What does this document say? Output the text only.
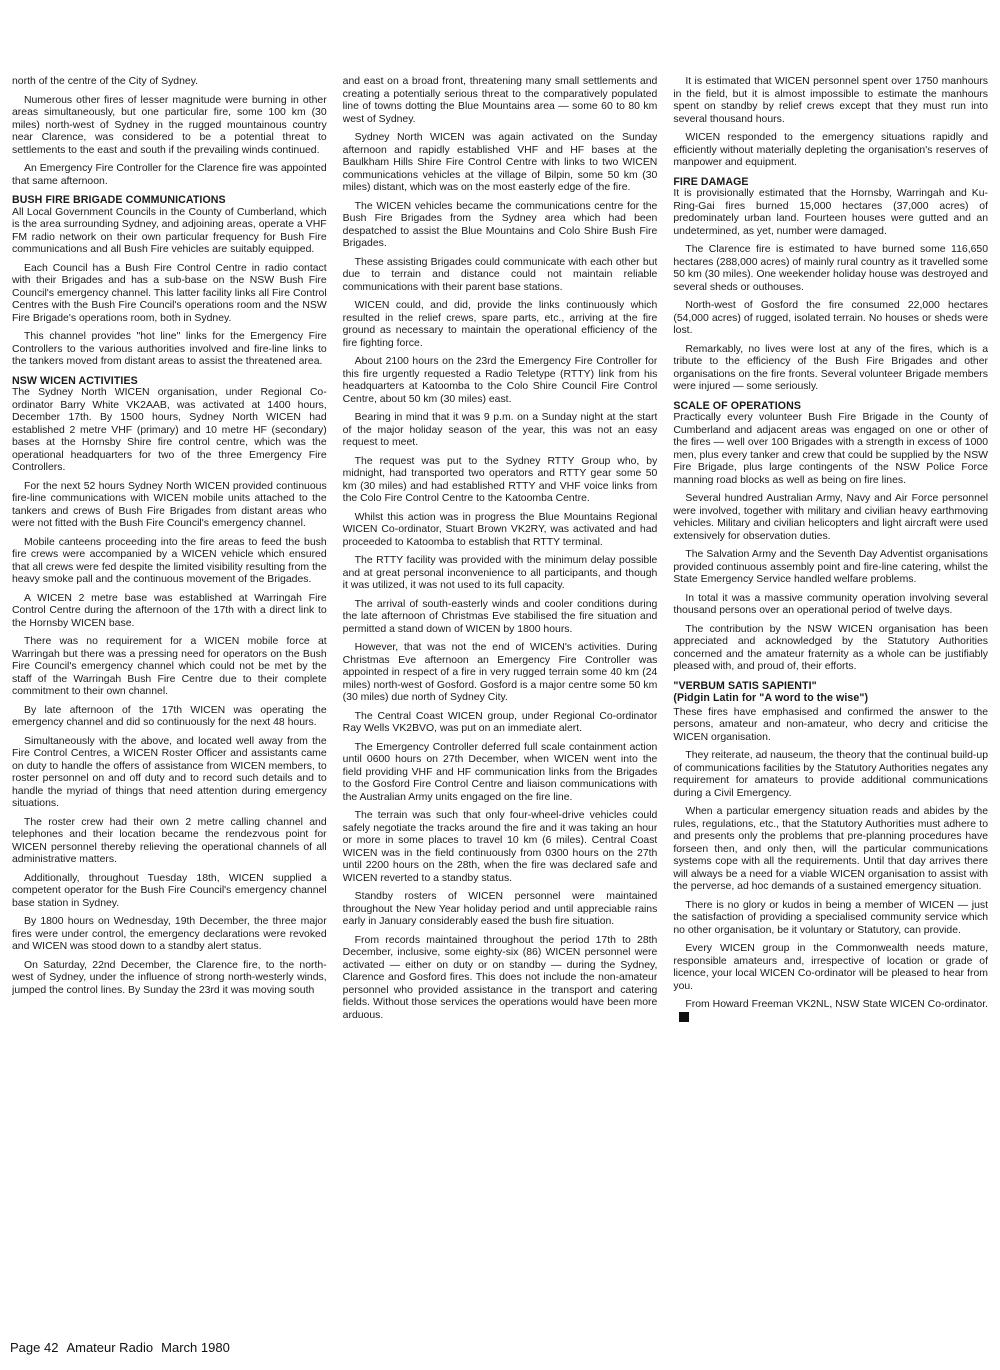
north of the centre of the City of Sydney.

Numerous other fires of lesser magnitude were burning in other areas simultaneously, but one particular fire, some 100 km (30 miles) north-west of Sydney in the rugged mountainous country near Clarence, was considered to be a potential threat to settlements to the east and south if the prevailing winds continued.

An Emergency Fire Controller for the Clarence fire was appointed that same afternoon.

BUSH FIRE BRIGADE COMMUNICATIONS

All Local Government Councils in the County of Cumberland, which is the area surrounding Sydney, and adjoining areas, operate a VHF FM radio network on their own particular frequency for Bush Fire communications and all Bush Fire vehicles are suitably equipped.

Each Council has a Bush Fire Control Centre in radio contact with their Brigades and has a sub-base on the NSW Bush Fire Council's emergency channel. This latter facility links all Fire Control Centres with the Bush Fire Council's operations room and the NSW Fire Brigade's operations room, both in Sydney.

This channel provides "hot line" links for the Emergency Fire Controllers to the various authorities involved and fire-line links to the tankers moved from distant areas to assist the threatened area.

NSW WICEN ACTIVITIES

The Sydney North WICEN organisation, under Regional Co-ordinator Barry White VK2AAB, was activated at 1400 hours, December 17th. By 1500 hours, Sydney North WICEN had established 2 metre VHF (primary) and 10 metre HF (secondary) bases at the Hornsby Shire fire control centre, which was the operational headquarters for two of the three Emergency Fire Controllers.

For the next 52 hours Sydney North WICEN provided continuous fire-line communications with WICEN mobile units attached to the tankers and crews of Bush Fire Brigades from distant areas who were not fitted with the Bush Fire Council's emergency channel.

Mobile canteens proceeding into the fire areas to feed the bush fire crews were accompanied by a WICEN vehicle which ensured that all crews were fed despite the limited visibility resulting from the heavy smoke pall and the continuous movement of the Brigades.

A WICEN 2 metre base was established at Warringah Fire Control Centre during the afternoon of the 17th with a direct link to the Hornsby WICEN base.

There was no requirement for a WICEN mobile force at Warringah but there was a pressing need for operators on the Bush Fire Council's emergency channel which could not be met by the staff of the Warringah Bush Fire Centre due to their complete commitment to their own channel.

By late afternoon of the 17th WICEN was operating the emergency channel and did so continuously for the next 48 hours.

Simultaneously with the above, and located well away from the Fire Control Centres, a WICEN Roster Officer and assistants came on duty to handle the offers of assistance from WICEN members, to roster personnel on and off duty and to record such details and to handle the myriad of things that need attention during emergency situations.

The roster crew had their own 2 metre calling channel and telephones and their location became the rendezvous point for WICEN personnel thereby relieving the operational channels of all administrative matters.

Additionally, throughout Tuesday 18th, WICEN supplied a competent operator for the Bush Fire Council's emergency channel base station in Sydney.

By 1800 hours on Wednesday, 19th December, the three major fires were under control, the emergency declarations were revoked and WICEN was stood down to a standby alert status.

On Saturday, 22nd December, the Clarence fire, to the north-west of Sydney, under the influence of strong north-westerly winds, jumped the control lines. By Sunday the 23rd it was moving south

and east on a broad front, threatening many small settlements and creating a potentially serious threat to the comparatively populated line of towns dotting the Blue Mountains area — some 60 to 80 km west of Sydney.

Sydney North WICEN was again activated on the Sunday afternoon and rapidly established VHF and HF bases at the Baulkham Hills Shire Fire Control Centre with links to two WICEN communications vehicles at the village of Bilpin, some 50 km (30 miles) distant, which was on the most easterly edge of the fire.

The WICEN vehicles became the communications centre for the Bush Fire Brigades from the Sydney area which had been despatched to assist the Blue Mountains and Colo Shire Bush Fire Brigades.

These assisting Brigades could communicate with each other but due to terrain and distance could not maintain reliable communications with their parent base stations.

WICEN could, and did, provide the links continuously which resulted in the relief crews, spare parts, etc., arriving at the fire ground as necessary to maintain the operational efficiency of the fire fighting force.

About 2100 hours on the 23rd the Emergency Fire Controller for this fire urgently requested a Radio Teletype (RTTY) link from his headquarters at Katoomba to the Colo Shire Council Fire Control Centre, about 50 km (30 miles) east.

Bearing in mind that it was 9 p.m. on a Sunday night at the start of the major holiday season of the year, this was not an easy request to meet.

The request was put to the Sydney RTTY Group who, by midnight, had transported two operators and RTTY gear some 50 km (30 miles) and had established RTTY and VHF voice links from the Colo Fire Control Centre to the Katoomba Centre.

Whilst this action was in progress the Blue Mountains Regional WICEN Co-ordinator, Stuart Brown VK2RY, was activated and had proceeded to Katoomba to establish that RTTY terminal.

The RTTY facility was provided with the minimum delay possible and at great personal inconvenience to all participants, and though it was utilized, it was not used to its full capacity.

The arrival of south-easterly winds and cooler conditions during the late afternoon of Christmas Eve stabilised the fire situation and permitted a stand down of WICEN by 1800 hours.

However, that was not the end of WICEN's activities. During Christmas Eve afternoon an Emergency Fire Controller was appointed in respect of a fire in very rugged terrain some 40 km (24 miles) north-west of Gosford. Gosford is a major centre some 50 km (30 miles) due north of Sydney City.

The Central Coast WICEN group, under Regional Co-ordinator Ray Wells VK2BVO, was put on an immediate alert.

The Emergency Controller deferred full scale containment action until 0600 hours on 27th December, when WICEN went into the field providing VHF and HF communication links from the Brigades to the Gosford Fire Control Centre and liaison communications with the Australian Army units engaged on the fire line.

The terrain was such that only four-wheel-drive vehicles could safely negotiate the tracks around the fire and it was taking an hour or more in some places to travel 10 km (6 miles). Central Coast WICEN was in the field continuously from 0300 hours on the 27th until 2200 hours on the 28th, when the fire was declared safe and WICEN reverted to a standby status.

Standby rosters of WICEN personnel were maintained throughout the New Year holiday period and until appreciable rains early in January considerably eased the bush fire situation.

From records maintained throughout the period 17th to 28th December, inclusive, some eighty-six (86) WICEN personnel were activated — either on duty or on standby — during the Sydney, Clarence and Gosford fires. This does not include the non-amateur personnel who provided assistance in the transport and catering fields. Without those services the operations would have been more arduous.

It is estimated that WICEN personnel spent over 1750 manhours in the field, but it is almost impossible to estimate the manhours spent on standby by relief crews except that they must run into several thousand hours.

WICEN responded to the emergency situations rapidly and efficiently without materially depleting the organisation's reserves of manpower and equipment.

FIRE DAMAGE

It is provisionally estimated that the Hornsby, Warringah and Ku-Ring-Gai fires burned 15,000 hectares (37,000 acres) of predominately urban land. Fourteen houses were gutted and an undetermined, as yet, number were damaged.

The Clarence fire is estimated to have burned some 116,650 hectares (288,000 acres) of mainly rural country as it travelled some 50 km (30 miles). One weekender holiday house was destroyed and several sheds or outhouses.

North-west of Gosford the fire consumed 22,000 hectares (54,000 acres) of rugged, isolated terrain. No houses or sheds were lost.

Remarkably, no lives were lost at any of the fires, which is a tribute to the efficiency of the Bush Fire Brigades and other organisations on the fire fronts. Several volunteer Brigade members were injured — some seriously.

SCALE OF OPERATIONS

Practically every volunteer Bush Fire Brigade in the County of Cumberland and adjacent areas was engaged on one or other of the fires — well over 100 Brigades with a strength in excess of 1000 men, plus every tanker and crew that could be supplied by the NSW Fire Brigade, plus large contingents of the NSW Police Force manning road blocks as well as being on fire lines.

Several hundred Australian Army, Navy and Air Force personnel were involved, together with military and civilian heavy earthmoving vehicles. Military and civilian helicopters and light aircraft were used extensively for observation duties.

The Salvation Army and the Seventh Day Adventist organisations provided continuous assembly point and fire-line catering, whilst the State Emergency Service handled welfare problems.

In total it was a massive community operation involving several thousand persons over an operational period of twelve days.

The contribution by the NSW WICEN organisation has been appreciated and acknowledged by the Statutory Authorities concerned and the amateur fraternity as a whole can be justifiably pleased with, and proud of, their efforts.

"VERBUM SATIS SAPIENTI"
(Pidgin Latin for "A word to the wise")

These fires have emphasised and confirmed the answer to the persons, amateur and non-amateur, who decry and criticise the WICEN organisation.

They reiterate, ad nauseum, the theory that the continual build-up of communications facilities by the Statutory Authorities negates any requirement for amateurs to provide additional communications during a Civil Emergency.

When a particular emergency situation reads and abides by the rules, regulations, etc., that the Statutory Authorities must adhere to and presents only the problems that pre-planning procedures have forseen then, and only then, will the particular communications systems cope with all the requirements. Until that day arrives there will always be a need for a viable WICEN organisation to assist with the perverse, ad hoc demands of a sustained emergency situation.

There is no glory or kudos in being a member of WICEN — just the satisfaction of providing a specialised community service which no other organisation, be it voluntary or Statutory, can provide.

Every WICEN group in the Commonwealth needs mature, responsible amateurs and, irrespective of location or grade of licence, your local WICEN Co-ordinator will be pleased to hear from you.

From Howard Freeman VK2NL, NSW State WICEN Co-ordinator.

Page 42 Amateur Radio March 1980
